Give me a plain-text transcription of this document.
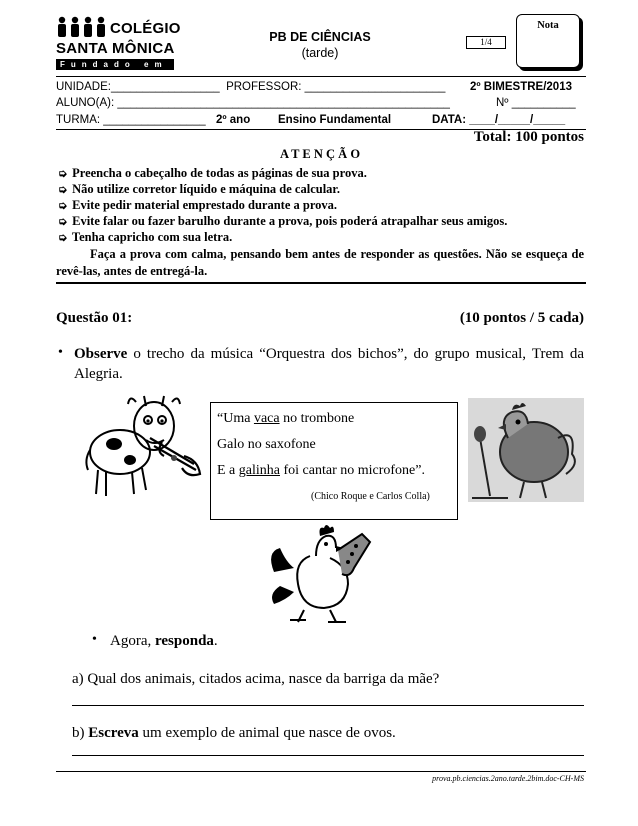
COLÉGIO
SANTA MÔNICA
Fundado em 1937
PB DE CIÊNCIAS
(tarde)
1/4
Nota
UNIDADE:_________________  PROFESSOR: ______________________ 2º BIMESTRE/2013
ALUNO(A): ____________________________________________________	Nº __________
TURMA: ________________ 2º ano Ensino Fundamental	DATA: ____/_____/_____
Total: 100 pontos
A T E N Ç Ã O
➭ Preencha o cabeçalho de todas as páginas de sua prova.
➭ Não utilize corretor líquido e máquina de calcular.
➭ Evite pedir material emprestado durante a prova.
➭ Evite falar ou fazer barulho durante a prova, pois poderá atrapalhar seus amigos.
➭ Tenha capricho com sua letra.
Faça a prova com calma, pensando bem antes de responder as questões. Não se esqueça de revê-las, antes de entregá-la.
Questão 01:	(10 pontos / 5 cada)
• Observe o trecho da música “Orquestra dos bichos”, do grupo musical, Trem da Alegria.
“Uma vaca no trombone
Galo no saxofone
E a galinha foi cantar no microfone”.
(Chico Roque e Carlos Colla)
• Agora, responda.
a) Qual dos animais, citados acima, nasce da barriga da mãe?
b) Escreva um exemplo de animal que nasce de ovos.
prova.pb.ciencias.2ano.tarde.2bim.doc-CH-MS
